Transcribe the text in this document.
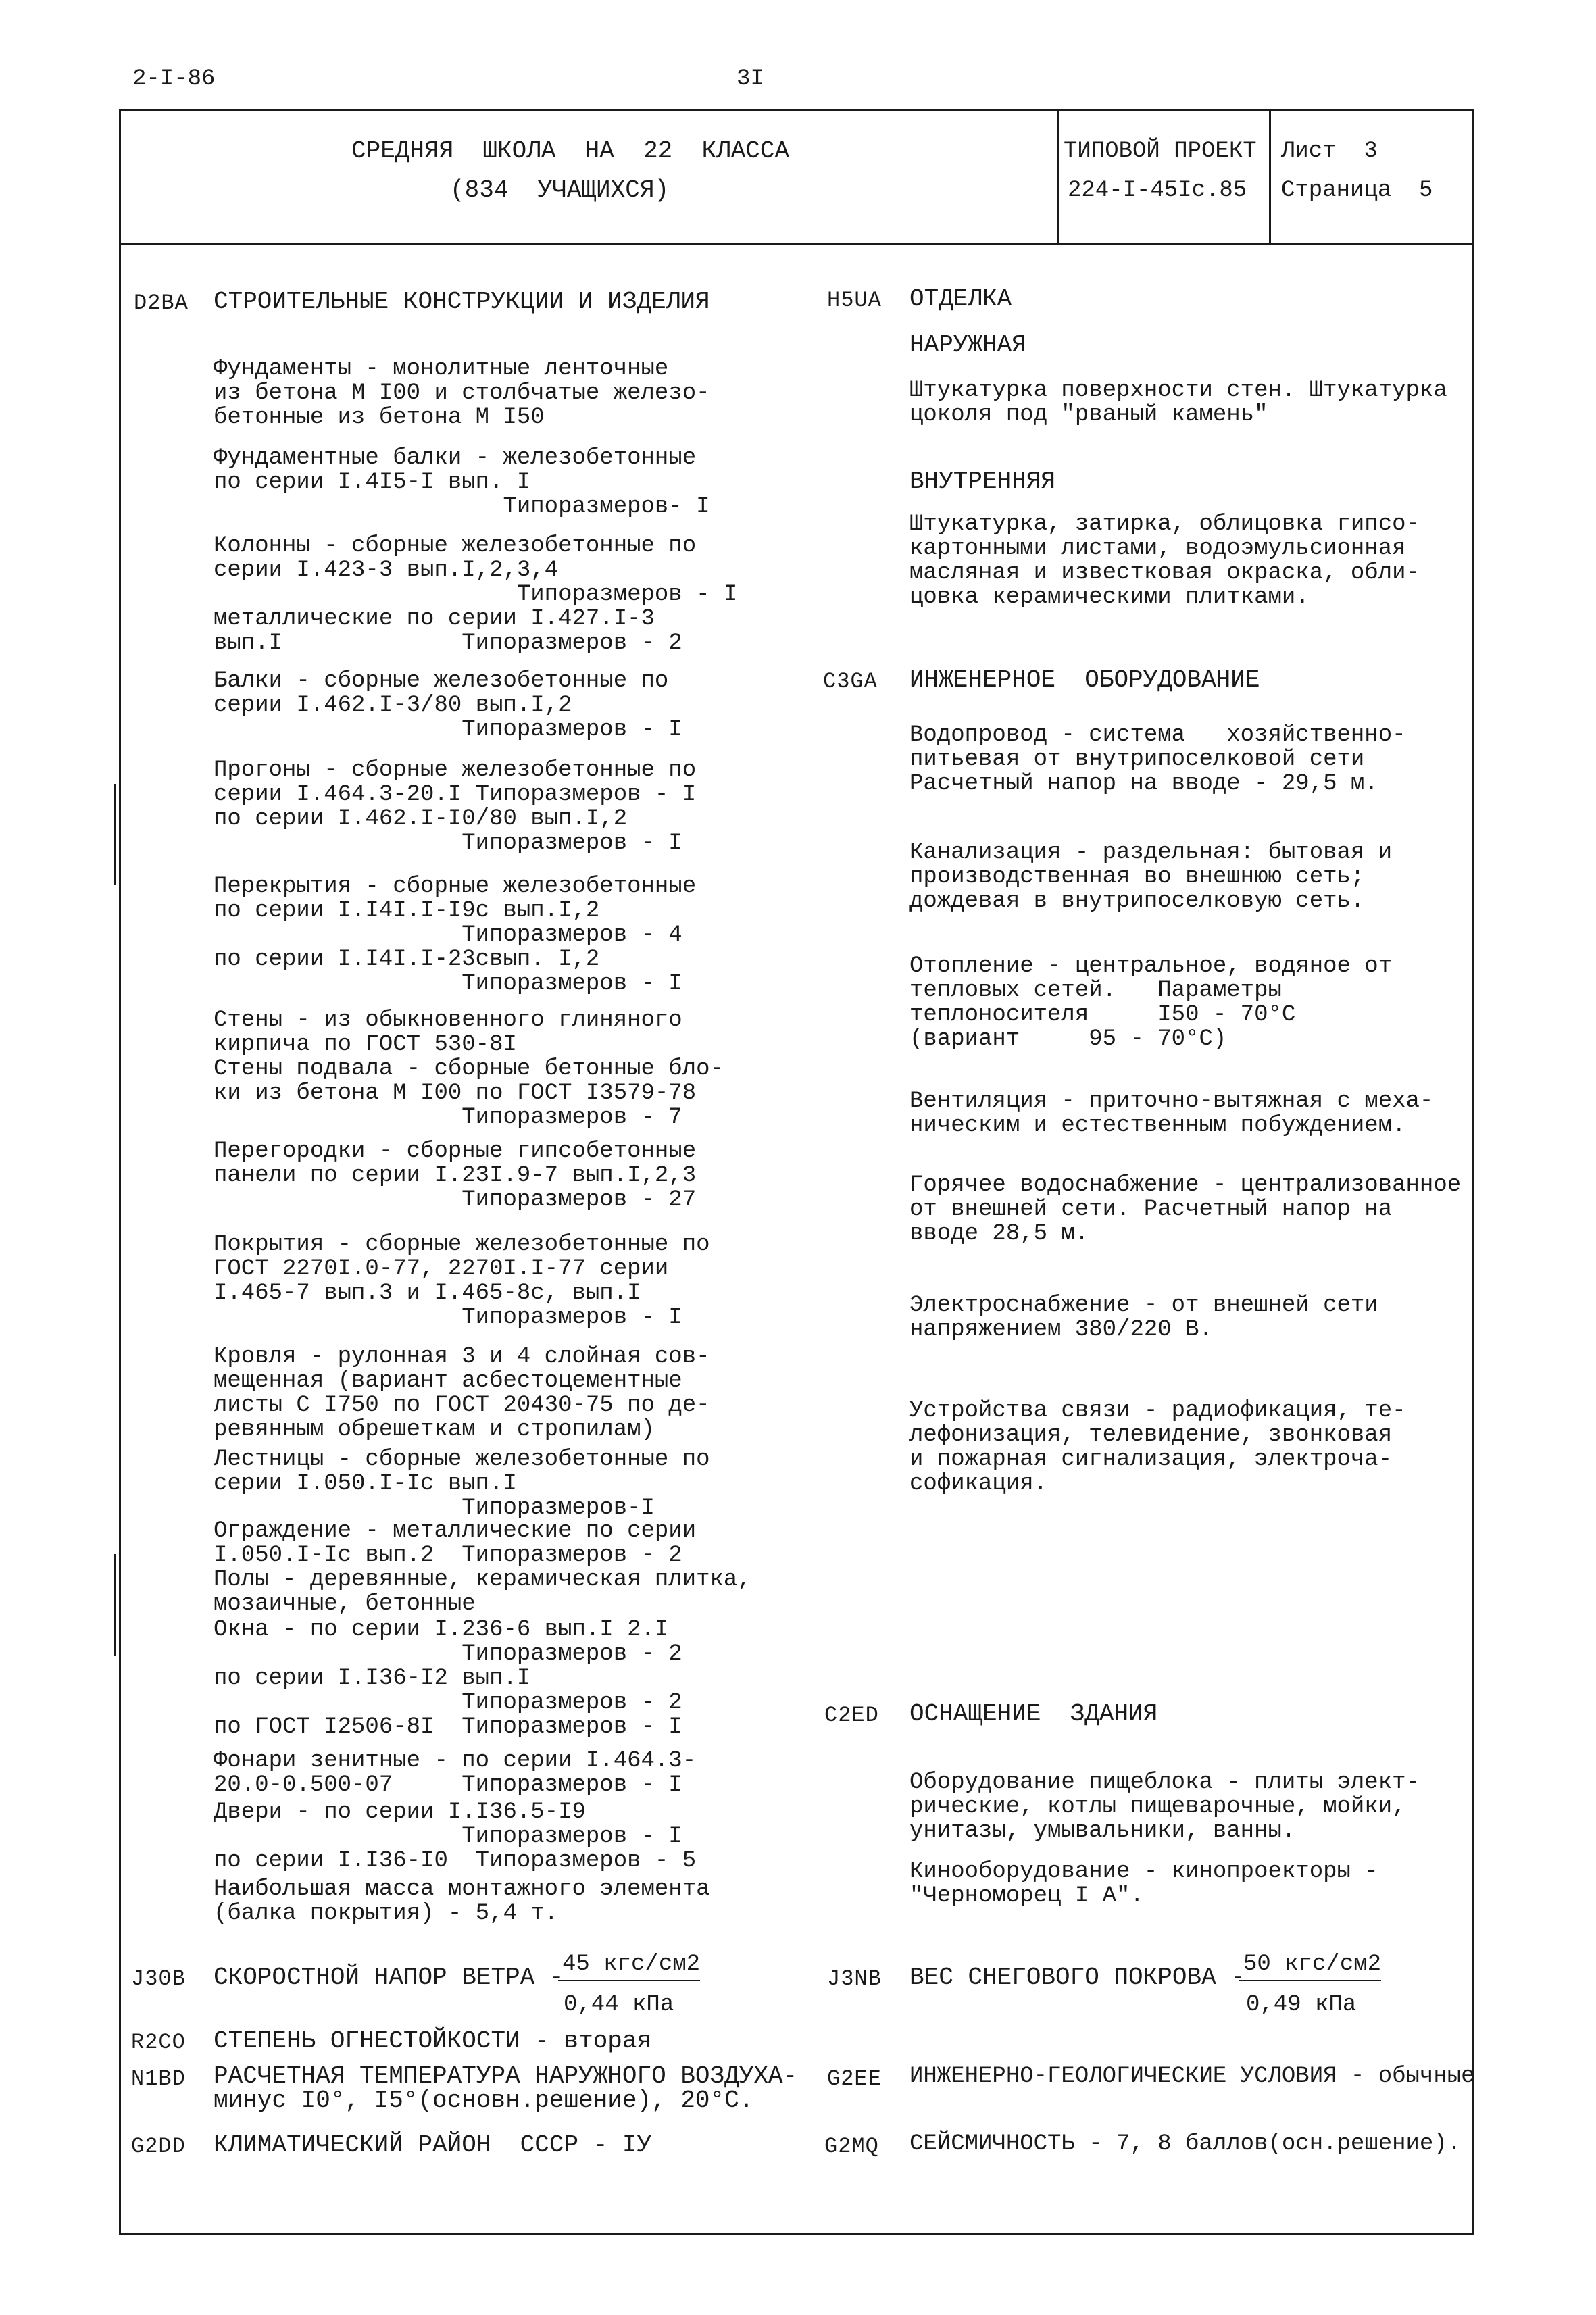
2-I-86	3I
СРЕДНЯЯ  ШКОЛА  НА  22  КЛАССА
(834  УЧАЩИХСЯ)
ТИПОВОЙ ПРОЕКТ
224-I-45Iс.85
Лист  3
Страница  5
D2BA СТРОИТЕЛЬНЫЕ КОНСТРУКЦИИ И ИЗДЕЛИЯ
Фундаменты - монолитные ленточные
из бетона М I00 и столбчатые железо-
бетонные из бетона М I50
Фундаментные балки - железобетонные
по серии I.4I5-I вып. I
Типоразмеров- I
Колонны - сборные железобетонные по
серии I.423-3 вып.I,2,3,4
Типоразмеров - I
металлические по серии I.427.I-3
вып.I             Типоразмеров - 2
Балки - сборные железобетонные по
серии I.462.I-3/80 вып.I,2
Типоразмеров - I
Прогоны - сборные железобетонные по
серии I.464.3-20.I Типоразмеров - I
по серии I.462.I-I0/80 вып.I,2
Типоразмеров - I
Перекрытия - сборные железобетонные
по серии I.I4I.I-I9с вып.I,2
Типоразмеров - 4
по серии I.I4I.I-23свып. I,2
Типоразмеров - I
Стены - из обыкновенного глиняного
кирпича по ГОСТ 530-8I
Стены подвала - сборные бетонные бло-
ки из бетона М I00 по ГОСТ I3579-78
Типоразмеров - 7
Перегородки - сборные гипсобетонные
панели по серии I.23I.9-7 вып.I,2,3
Типоразмеров - 27
Покрытия - сборные железобетонные по
ГОСТ 2270I.0-77, 2270I.I-77 серии
I.465-7 вып.3 и I.465-8с, вып.I
Типоразмеров - I
Кровля - рулонная 3 и 4 слойная сов-
мещенная (вариант асбестоцементные
листы С I750 по ГОСТ 20430-75 по де-
ревянным обрешеткам и стропилам)
Лестницы - сборные железобетонные по
серии I.050.I-Iс вып.I
Типоразмеров-I
Ограждение - металлические по серии
I.050.I-Iс вып.2  Типоразмеров - 2
Полы - деревянные, керамическая плитка,
мозаичные, бетонные
Окна - по серии I.236-6 вып.I 2.I
Типоразмеров - 2
по серии I.I36-I2 вып.I
Типоразмеров - 2
по ГОСТ I2506-8I  Типоразмеров - I
Фонари зенитные - по серии I.464.3-
20.0-0.500-07     Типоразмеров - I
Двери - по серии I.I36.5-I9
Типоразмеров - I
по серии I.I36-I0  Типоразмеров - 5
Наибольшая масса монтажного элемента
(балка покрытия) - 5,4 т.
J30B СКОРОСТНОЙ НАПОР ВЕТРА -
45 кгс/см2
0,44 кПа
R2CO СТЕПЕНЬ ОГНЕСТОЙКОСТИ - вторая
N1BD РАСЧЕТНАЯ ТЕМПЕРАТУРА НАРУЖНОГО ВОЗДУХА-
минус I0°, I5°(основн.решение), 20°С.
G2DD КЛИМАТИЧЕСКИЙ РАЙОН  СССР - IУ
H5UA ОТДЕЛКА
НАРУЖНАЯ
Штукатурка поверхности стен. Штукатурка
цоколя под "рваный камень"
ВНУТРЕННЯЯ
Штукатурка, затирка, облицовка гипсо-
картонными листами, водоэмульсионная
масляная и известковая окраска, обли-
цовка керамическими плитками.
C3GA ИНЖЕНЕРНОЕ  ОБОРУДОВАНИЕ
Водопровод - система   хозяйственно-
питьевая от внутрипоселковой сети
Расчетный напор на вводе - 29,5 м.
Канализация - раздельная: бытовая и
производственная во внешнюю сеть;
дождевая в внутрипоселковую сеть.
Отопление - центральное, водяное от
тепловых сетей.   Параметры
теплоносителя     I50 - 70°С
(вариант     95 - 70°С)
Вентиляция - приточно-вытяжная с меха-
ническим и естественным побуждением.
Горячее водоснабжение - централизованное
от внешней сети. Расчетный напор на
вводе 28,5 м.
Электроснабжение - от внешней сети
напряжением 380/220 В.
Устройства связи - радиофикация, те-
лефонизация, телевидение, звонковая
и пожарная сигнализация, электроча-
софикация.
C2ED ОСНАЩЕНИЕ  ЗДАНИЯ
Оборудование пищеблока - плиты элект-
рические, котлы пищеварочные, мойки,
унитазы, умывальники, ванны.
Кинооборудование - кинопроекторы -
"Черноморец I А".
J3NB ВЕС СНЕГОВОГО ПОКРОВА -
50 кгс/см2
0,49 кПа
G2EE ИНЖЕНЕРНО-ГЕОЛОГИЧЕСКИЕ УСЛОВИЯ - обычные
G2MQ СЕЙСМИЧНОСТЬ - 7, 8 баллов(осн.решение).
